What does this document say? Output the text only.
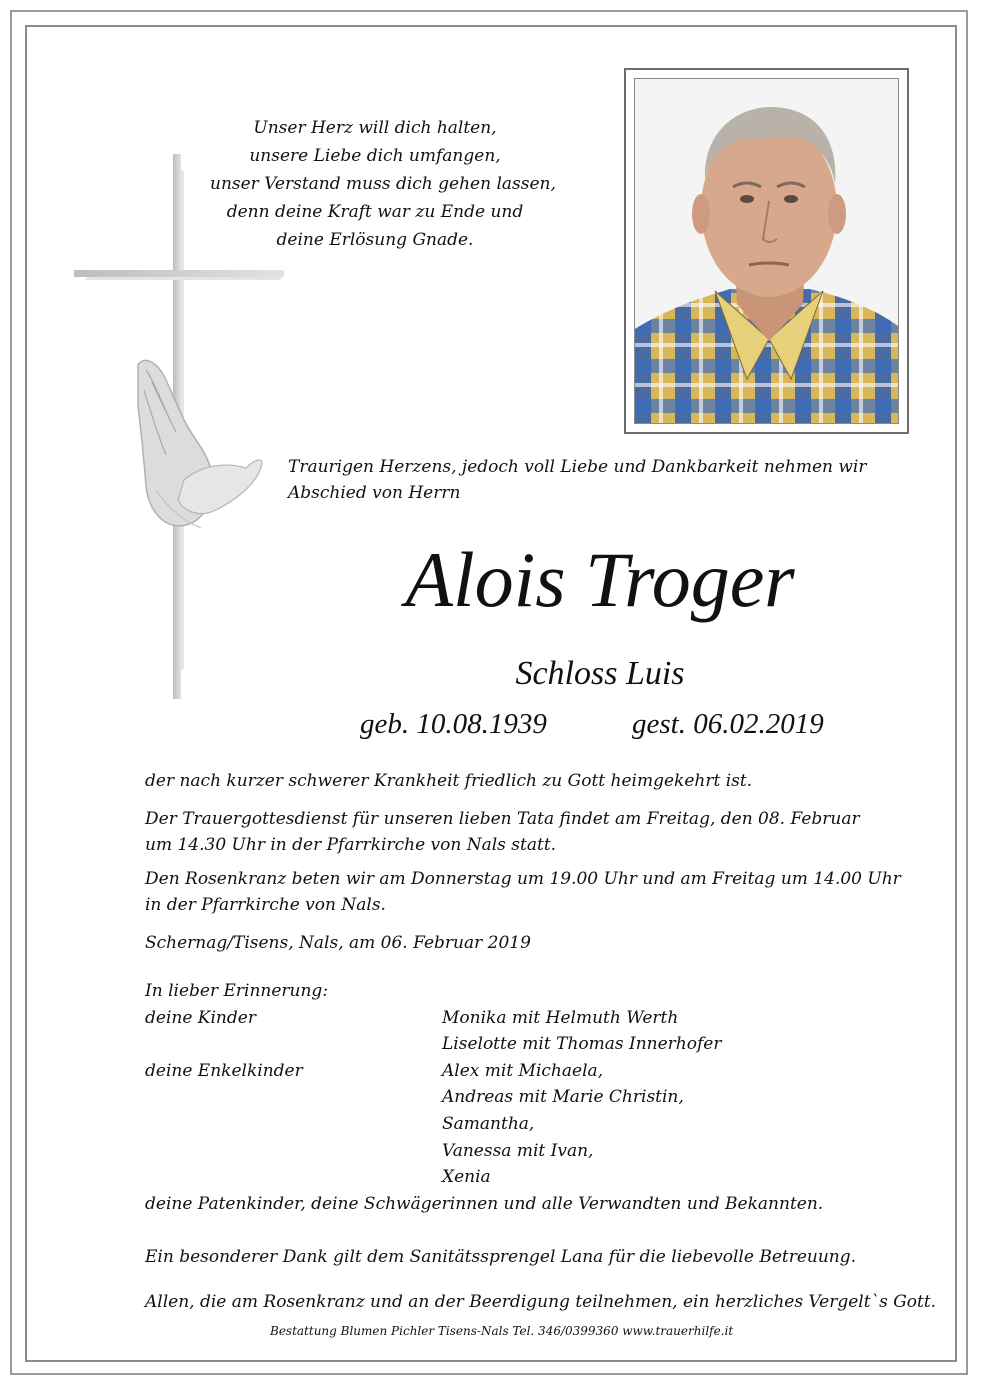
Unser Herz will dich halten,
unsere Liebe dich umfangen,
unser Verstand muss dich gehen lassen,
denn deine Kraft war zu Ende und
deine Erlösung Gnade.
Traurigen Herzens, jedoch voll Liebe und Dankbarkeit nehmen wir
Abschied von Herrn
Alois Troger
Schloss Luis
geb. 10.08.1939	gest. 06.02.2019
der nach kurzer schwerer Krankheit friedlich zu Gott heimgekehrt ist.
Der Trauergottesdienst für unseren lieben Tata findet am Freitag, den 08. Februar
um 14.30 Uhr in der Pfarrkirche von Nals statt.
Den Rosenkranz beten wir am Donnerstag um 19.00 Uhr und am Freitag um 14.00 Uhr
in der Pfarrkirche von Nals.
Schernag/Tisens, Nals, am 06. Februar 2019
In lieber Erinnerung:
deine Kinder	Monika mit Helmuth Werth
Liselotte mit Thomas Innerhofer
deine Enkelkinder	Alex mit Michaela,
Andreas mit Marie Christin,
Samantha,
Vanessa mit Ivan,
Xenia
deine Patenkinder, deine Schwägerinnen und alle Verwandten und Bekannten.
Ein besonderer Dank gilt dem Sanitätssprengel Lana für die liebevolle Betreuung.
Allen, die am Rosenkranz und an der Beerdigung teilnehmen, ein herzliches Vergelt`s Gott.
Bestattung Blumen Pichler Tisens-Nals Tel. 346/0399360 www.trauerhilfe.it
